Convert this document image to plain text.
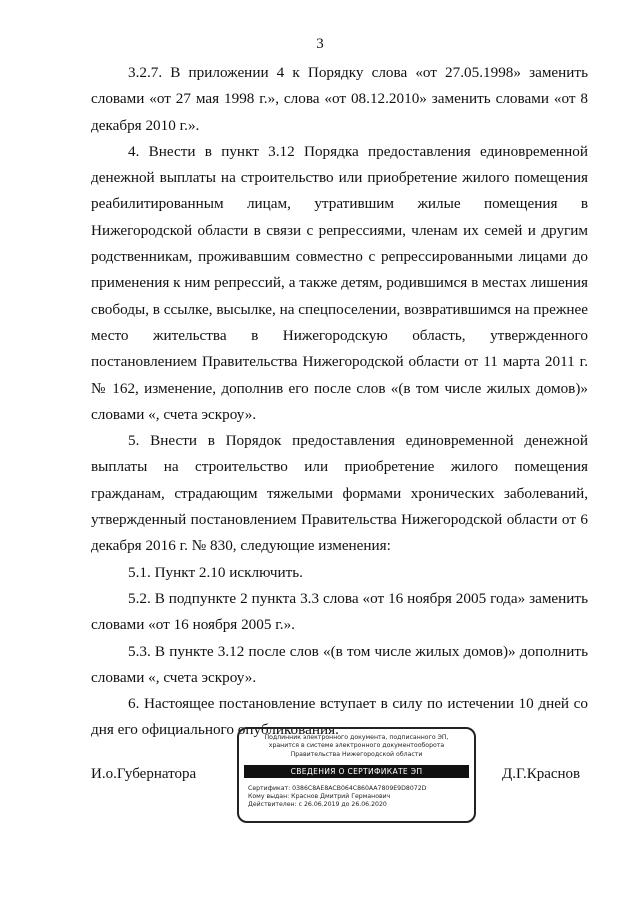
3

3.2.7. В приложении 4 к Порядку слова «от 27.05.1998» заменить словами «от 27 мая 1998 г.», слова «от 08.12.2010» заменить словами «от 8 декабря 2010 г.».

4. Внести в пункт 3.12 Порядка предоставления единовременной денежной выплаты на строительство или приобретение жилого помещения реабилитированным лицам, утратившим жилые помещения в Нижегородской области в связи с репрессиями, членам их семей и другим родственникам, проживавшим совместно с репрессированными лицами до применения к ним репрессий, а также детям, родившимся в местах лишения свободы, в ссылке, высылке, на спецпоселении, возвратившимся на прежнее место жительства в Нижегородскую область, утвержденного постановлением Правительства Нижегородской области от 11 марта 2011 г. № 162, изменение, дополнив его после слов «(в том числе жилых домов)» словами «, счета эскроу».

5. Внести в Порядок предоставления единовременной денежной выплаты на строительство или приобретение жилого помещения гражданам, страдающим тяжелыми формами хронических заболеваний, утвержденный постановлением Правительства Нижегородской области от 6 декабря 2016 г. № 830, следующие изменения:

5.1. Пункт 2.10 исключить.

5.2. В подпункте 2 пункта 3.3 слова «от 16 ноября 2005 года» заменить словами «от 16 ноября 2005 г.».

5.3. В пункте 3.12 после слов «(в том числе жилых домов)» дополнить словами «, счета эскроу».

6. Настоящее постановление вступает в силу по истечении 10 дней со дня его официального опубликования.

И.о.Губернатора
Подлинник электронного документа, подписанного ЭП,
хранится в системе электронного документооборота
Правительства Нижегородской области
СВЕДЕНИЯ О СЕРТИФИКАТЕ ЭП
Сертификат: 0386C8AE8ACB064C860AA7809E9D8072D
Кому выдан: Краснов Дмитрий Германович
Действителен: с 26.06.2019 до 26.06.2020
Д.Г.Краснов
